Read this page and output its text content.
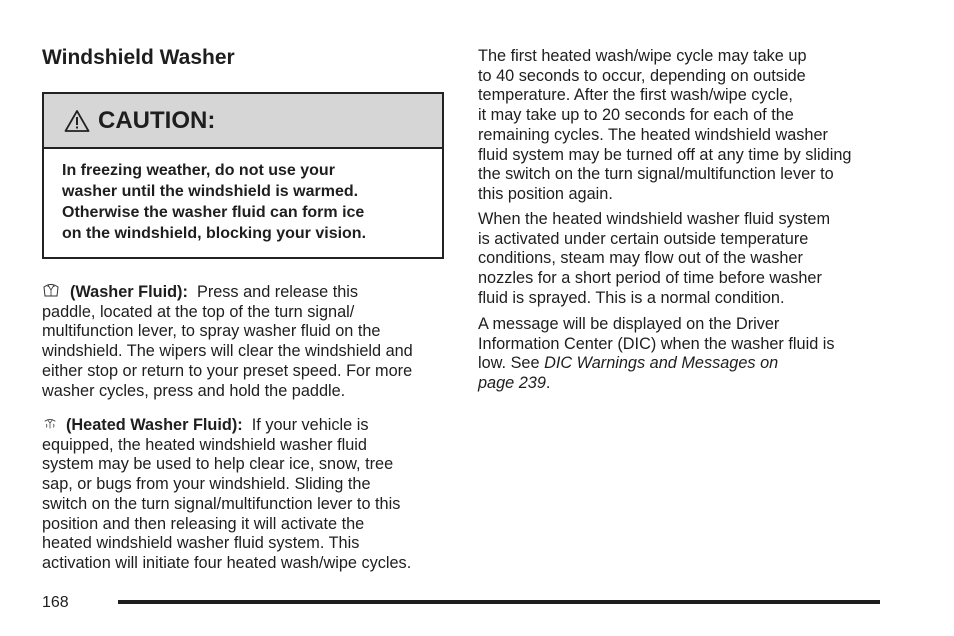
Windshield Washer
CAUTION:
In freezing weather, do not use your
washer until the windshield is warmed.
Otherwise the washer fluid can form ice
on the windshield, blocking your vision.
(Washer Fluid): Press and release this
paddle, located at the top of the turn signal/
multifunction lever, to spray washer fluid on the
windshield. The wipers will clear the windshield and
either stop or return to your preset speed. For more
washer cycles, press and hold the paddle.
(Heated Washer Fluid): If your vehicle is
equipped, the heated windshield washer fluid
system may be used to help clear ice, snow, tree
sap, or bugs from your windshield. Sliding the
switch on the turn signal/multifunction lever to this
position and then releasing it will activate the
heated windshield washer fluid system. This
activation will initiate four heated wash/wipe cycles.
The first heated wash/wipe cycle may take up
to 40 seconds to occur, depending on outside
temperature. After the first wash/wipe cycle,
it may take up to 20 seconds for each of the
remaining cycles. The heated windshield washer
fluid system may be turned off at any time by sliding
the switch on the turn signal/multifunction lever to
this position again.
When the heated windshield washer fluid system
is activated under certain outside temperature
conditions, steam may flow out of the washer
nozzles for a short period of time before washer
fluid is sprayed. This is a normal condition.
A message will be displayed on the Driver
Information Center (DIC) when the washer fluid is
low. See DIC Warnings and Messages on
page 239.
168
